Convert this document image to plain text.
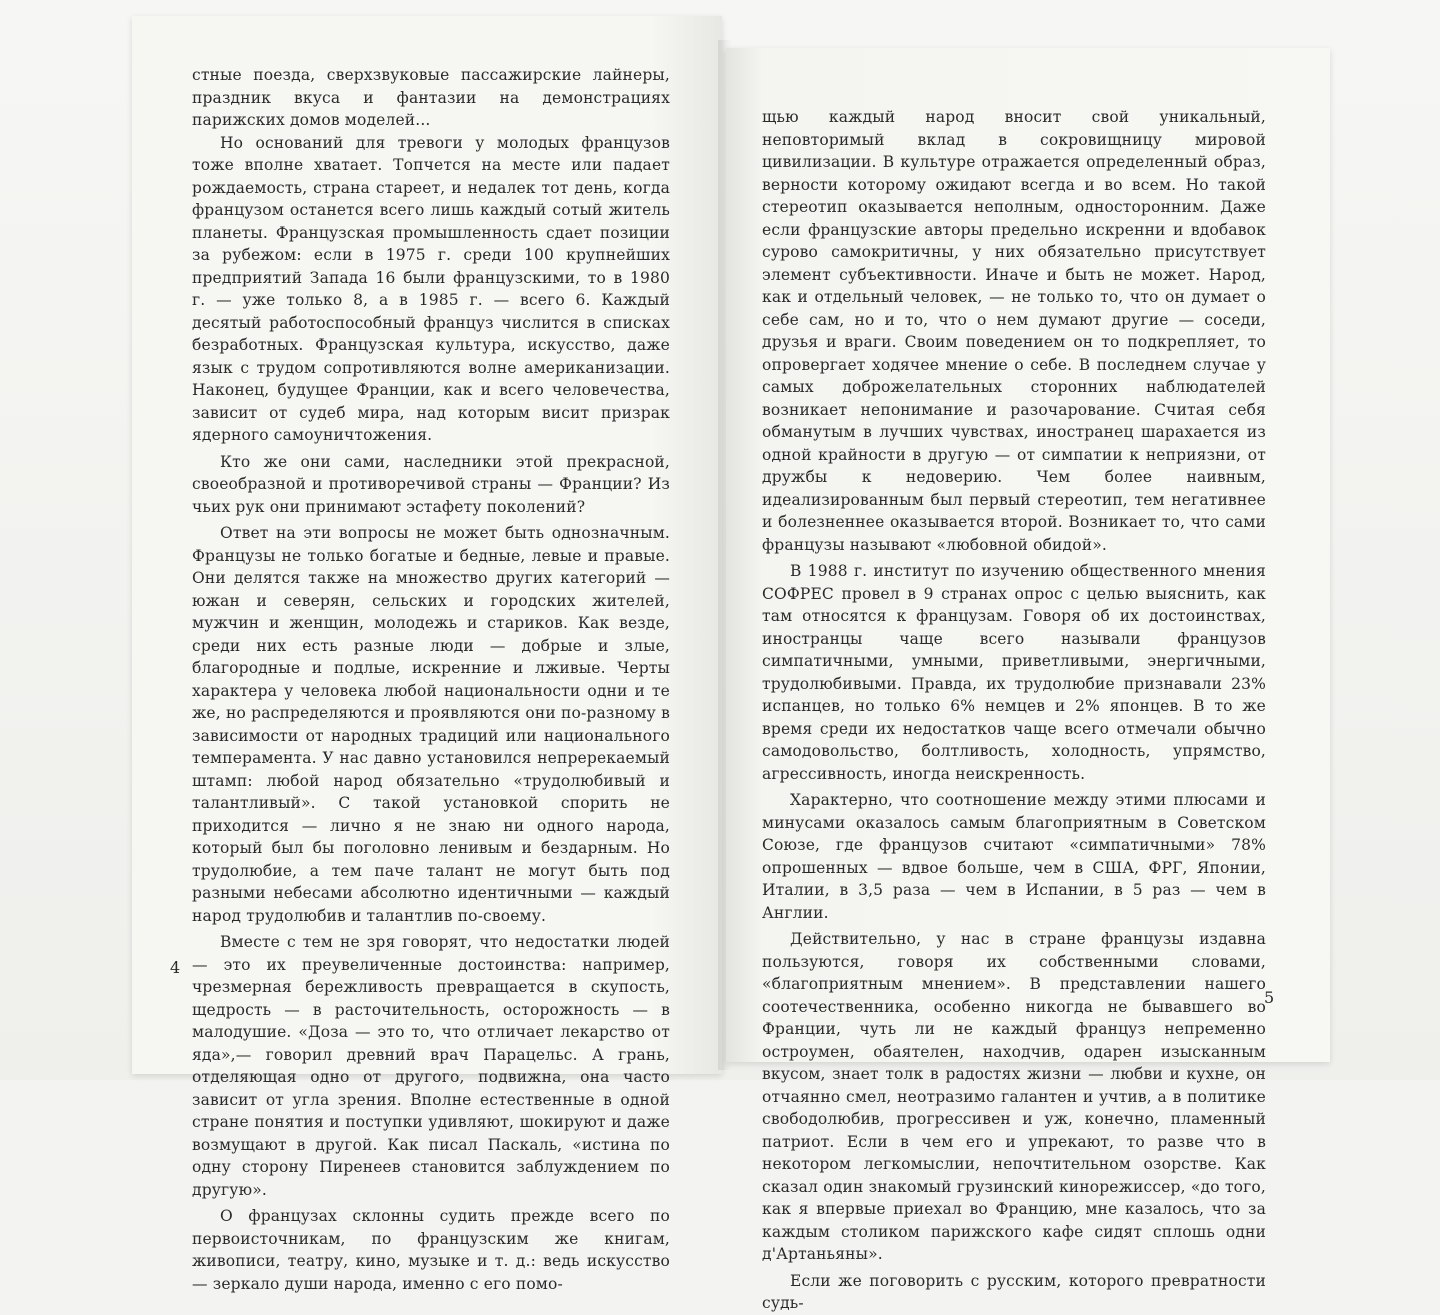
стные поезда, сверхзвуковые пассажирские лайнеры, праздник вкуса и фантазии на демонстрациях парижских домов моделей...

Но оснований для тревоги у молодых французов тоже вполне хватает. Топчется на месте или падает рождаемость, страна стареет, и недалек тот день, когда французом останется всего лишь каждый сотый житель планеты. Французская промышленность сдает позиции за рубежом: если в 1975 г. среди 100 крупнейших предприятий Запада 16 были французскими, то в 1980 г. — уже только 8, а в 1985 г. — всего 6. Каждый десятый работоспособный француз числится в списках безработных. Французская культура, искусство, даже язык с трудом сопротивляются волне американизации. Наконец, будущее Франции, как и всего человечества, зависит от судеб мира, над которым висит призрак ядерного самоуничтожения.

Кто же они сами, наследники этой прекрасной, своеобразной и противоречивой страны — Франции? Из чьих рук они принимают эстафету поколений?

Ответ на эти вопросы не может быть однозначным. Французы не только богатые и бедные, левые и правые. Они делятся также на множество других категорий — южан и северян, сельских и городских жителей, мужчин и женщин, молодежь и стариков. Как везде, среди них есть разные люди — добрые и злые, благородные и подлые, искренние и лживые. Черты характера у человека любой национальности одни и те же, но распределяются и проявляются они по-разному в зависимости от народных традиций или национального темперамента. У нас давно установился непререкаемый штамп: любой народ обязательно «трудолюбивый и талантливый». С такой установкой спорить не приходится — лично я не знаю ни одного народа, который был бы поголовно ленивым и бездарным. Но трудолюбие, а тем паче талант не могут быть под разными небесами абсолютно идентичными — каждый народ трудолюбив и талантлив по-своему.

Вместе с тем не зря говорят, что недостатки людей — это их преувеличенные достоинства: например, чрезмерная бережливость превращается в скупость, щедрость — в расточительность, осторожность — в малодушие. «Доза — это то, что отличает лекарство от яда»,— говорил древний врач Парацельс. А грань, отделяющая одно от другого, подвижна, она часто зависит от угла зрения. Вполне естественные в одной стране понятия и поступки удивляют, шокируют и даже возмущают в другой. Как писал Паскаль, «истина по одну сторону Пиренеев становится заблуждением по другую».

О французах склонны судить прежде всего по первоисточникам, по французским же книгам, живописи, театру, кино, музыке и т. д.: ведь искусство — зеркало души народа, именно с его помо-

4

щью каждый народ вносит свой уникальный, неповторимый вклад в сокровищницу мировой цивилизации. В культуре отражается определенный образ, верности которому ожидают всегда и во всем. Но такой стереотип оказывается неполным, одностoронним. Даже если французские авторы предельно искренни и вдобавок сурово самокритичны, у них обязательно присутствует элемент субъективности. Иначе и быть не может. Народ, как и отдельный человек, — не только то, что он думает о себе сам, но и то, что о нем думают другие — соседи, друзья и враги. Своим поведением он то подкрепляет, то опровергает ходячее мнение о себе. В последнем случае у самых доброжелательных сторонних наблюдателей возникает непонимание и разочарование. Считая себя обманутым в лучших чувствах, иностранец шарахается из одной крайности в другую — от симпатии к неприязни, от дружбы к недоверию. Чем более наивным, идеализированным был первый стереотип, тем негативнее и болезненнее оказывается второй. Возникает то, что сами французы называют «любовной обидой».

В 1988 г. институт по изучению общественного мнения СОФРЕС провел в 9 странах опрос с целью выяснить, как там относятся к французам. Говоря об их достоинствах, иностранцы чаще всего называли французов симпатичными, умными, приветливыми, энергичными, трудолюбивыми. Правда, их трудолюбие признавали 23% испанцев, но только 6% немцев и 2% японцев. В то же время среди их недостатков чаще всего отмечали обычно самодовольство, болтливость, холодность, упрямство, агрессивность, иногда неискренность.

Характерно, что соотношение между этими плюсами и минусами оказалось самым благоприятным в Советском Союзе, где французов считают «симпатичными» 78% опрошенных — вдвое больше, чем в США, ФРГ, Японии, Италии, в 3,5 раза — чем в Испании, в 5 раз — чем в Англии.

Действительно, у нас в стране французы издавна пользуются, говоря их собственными словами, «благоприятным мнением». В представлении нашего соотечественника, особенно никогда не бывавшего во Франции, чуть ли не каждый француз непременно остроумен, обаятелен, находчив, одарен изысканным вкусом, знает толк в радостях жизни — любви и кухне, он отчаянно смел, неотразимо галантен и учтив, а в политике свободолюбив, прогрессивен и уж, конечно, пламенный патриот. Если в чем его и упрекают, то разве что в некотором легкомыслии, непочтительном озорстве. Как сказал один знакомый грузинский кинорежиссер, «до того, как я впервые приехал во Францию, мне казалось, что за каждым столиком парижского кафе сидят сплошь одни д'Артаньяны».

Если же поговорить с русским, которого превратности судь-

5
